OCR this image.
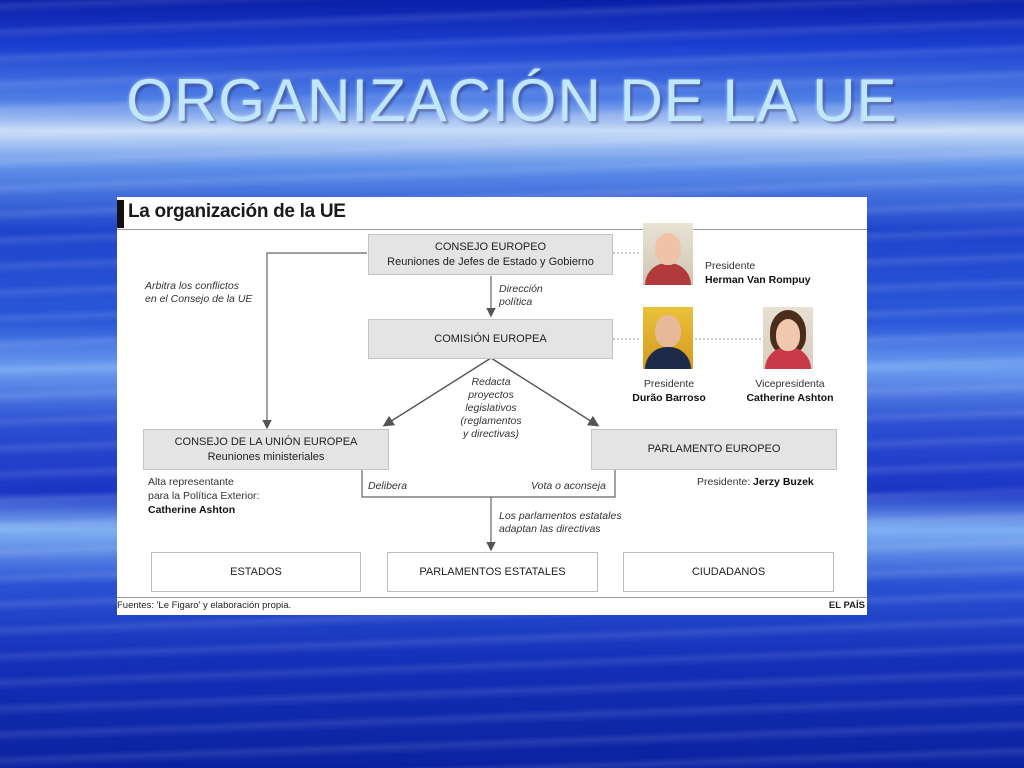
ORGANIZACIÓN DE LA UE
La organización de la UE
CONSEJO EUROPEO
Reuniones de Jefes de Estado y Gobierno
COMISIÓN EUROPEA
CONSEJO DE LA UNIÓN EUROPEA
Reuniones ministeriales
PARLAMENTO EUROPEO
ESTADOS	PARLAMENTOS ESTATALES	CIUDADANOS
Arbitra los conflictos
en el Consejo de la UE
Dirección
política
Redacta
proyectos
legislativos
(reglamentos
y directivas)
Delibera	Vota o aconseja
Los parlamentos estatales
adaptan las directivas
Presidente
Herman Van Rompuy
Presidente
Durão Barroso
Vicepresidenta
Catherine Ashton
Alta representante
para la Política Exterior:
Catherine Ashton
Presidente: Jerzy Buzek
Fuentes: 'Le Figaro' y elaboración propia.	EL PAÍS
